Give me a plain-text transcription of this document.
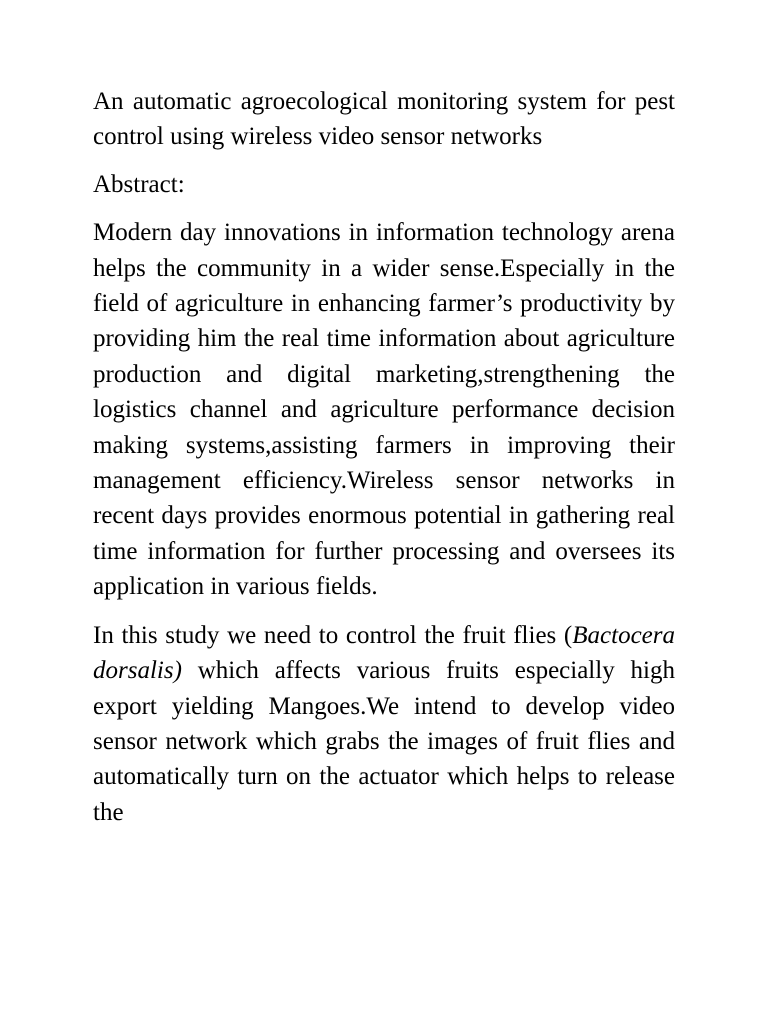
An automatic agroecological monitoring system for pest control using wireless video sensor networks

Abstract:

Modern day innovations in information technology arena helps the community in a wider sense.Especially in the field of agriculture in enhancing farmer’s productivity by providing him the real time information about agriculture production and digital marketing,strengthening the logistics channel and agriculture performance decision making systems,assisting farmers in improving their management efficiency.Wireless sensor networks in recent days provides enormous potential in gathering real time information for further processing and oversees its application in various fields.

In this study we need to control the fruit flies (Bactocera dorsalis) which affects various fruits especially high export yielding Mangoes.We intend to develop video sensor network which grabs the images of fruit flies and automatically turn on the actuator which helps to release the
